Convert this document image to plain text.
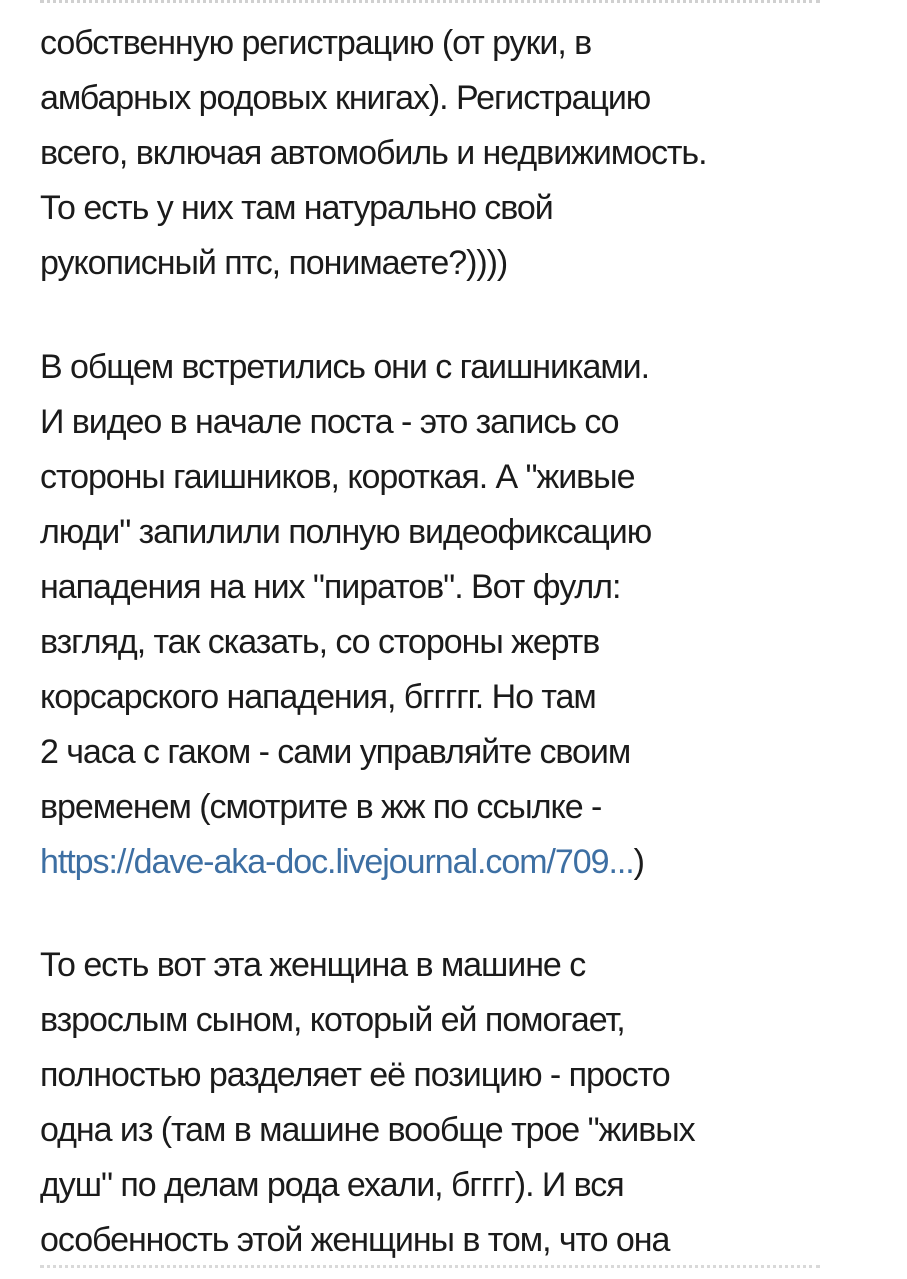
собственную регистрацию (от руки, в
амбарных родовых книгах). Регистрацию
всего, включая автомобиль и недвижимость.
То есть у них там натурально свой
рукописный птс, понимаете?))))
В общем встретились они с гаишниками.
И видео в начале поста - это запись со
стороны гаишников, короткая. А "живые
люди" запилили полную видеофиксацию
нападения на них "пиратов". Вот фулл:
взгляд, так сказать, со стороны жертв
корсарского нападения, бггггг. Но там
2 часа с гаком - сами управляйте своим
временем (смотрите в жж по ссылке -
https://dave-aka-doc.livejournal.com/709...)
То есть вот эта женщина в машине с
взрослым сыном, который ей помогает,
полностью разделяет её позицию - просто
одна из (там в машине вообще трое "живых
душ" по делам рода ехали, бгггг). И вся
особенность этой женщины в том, что она
